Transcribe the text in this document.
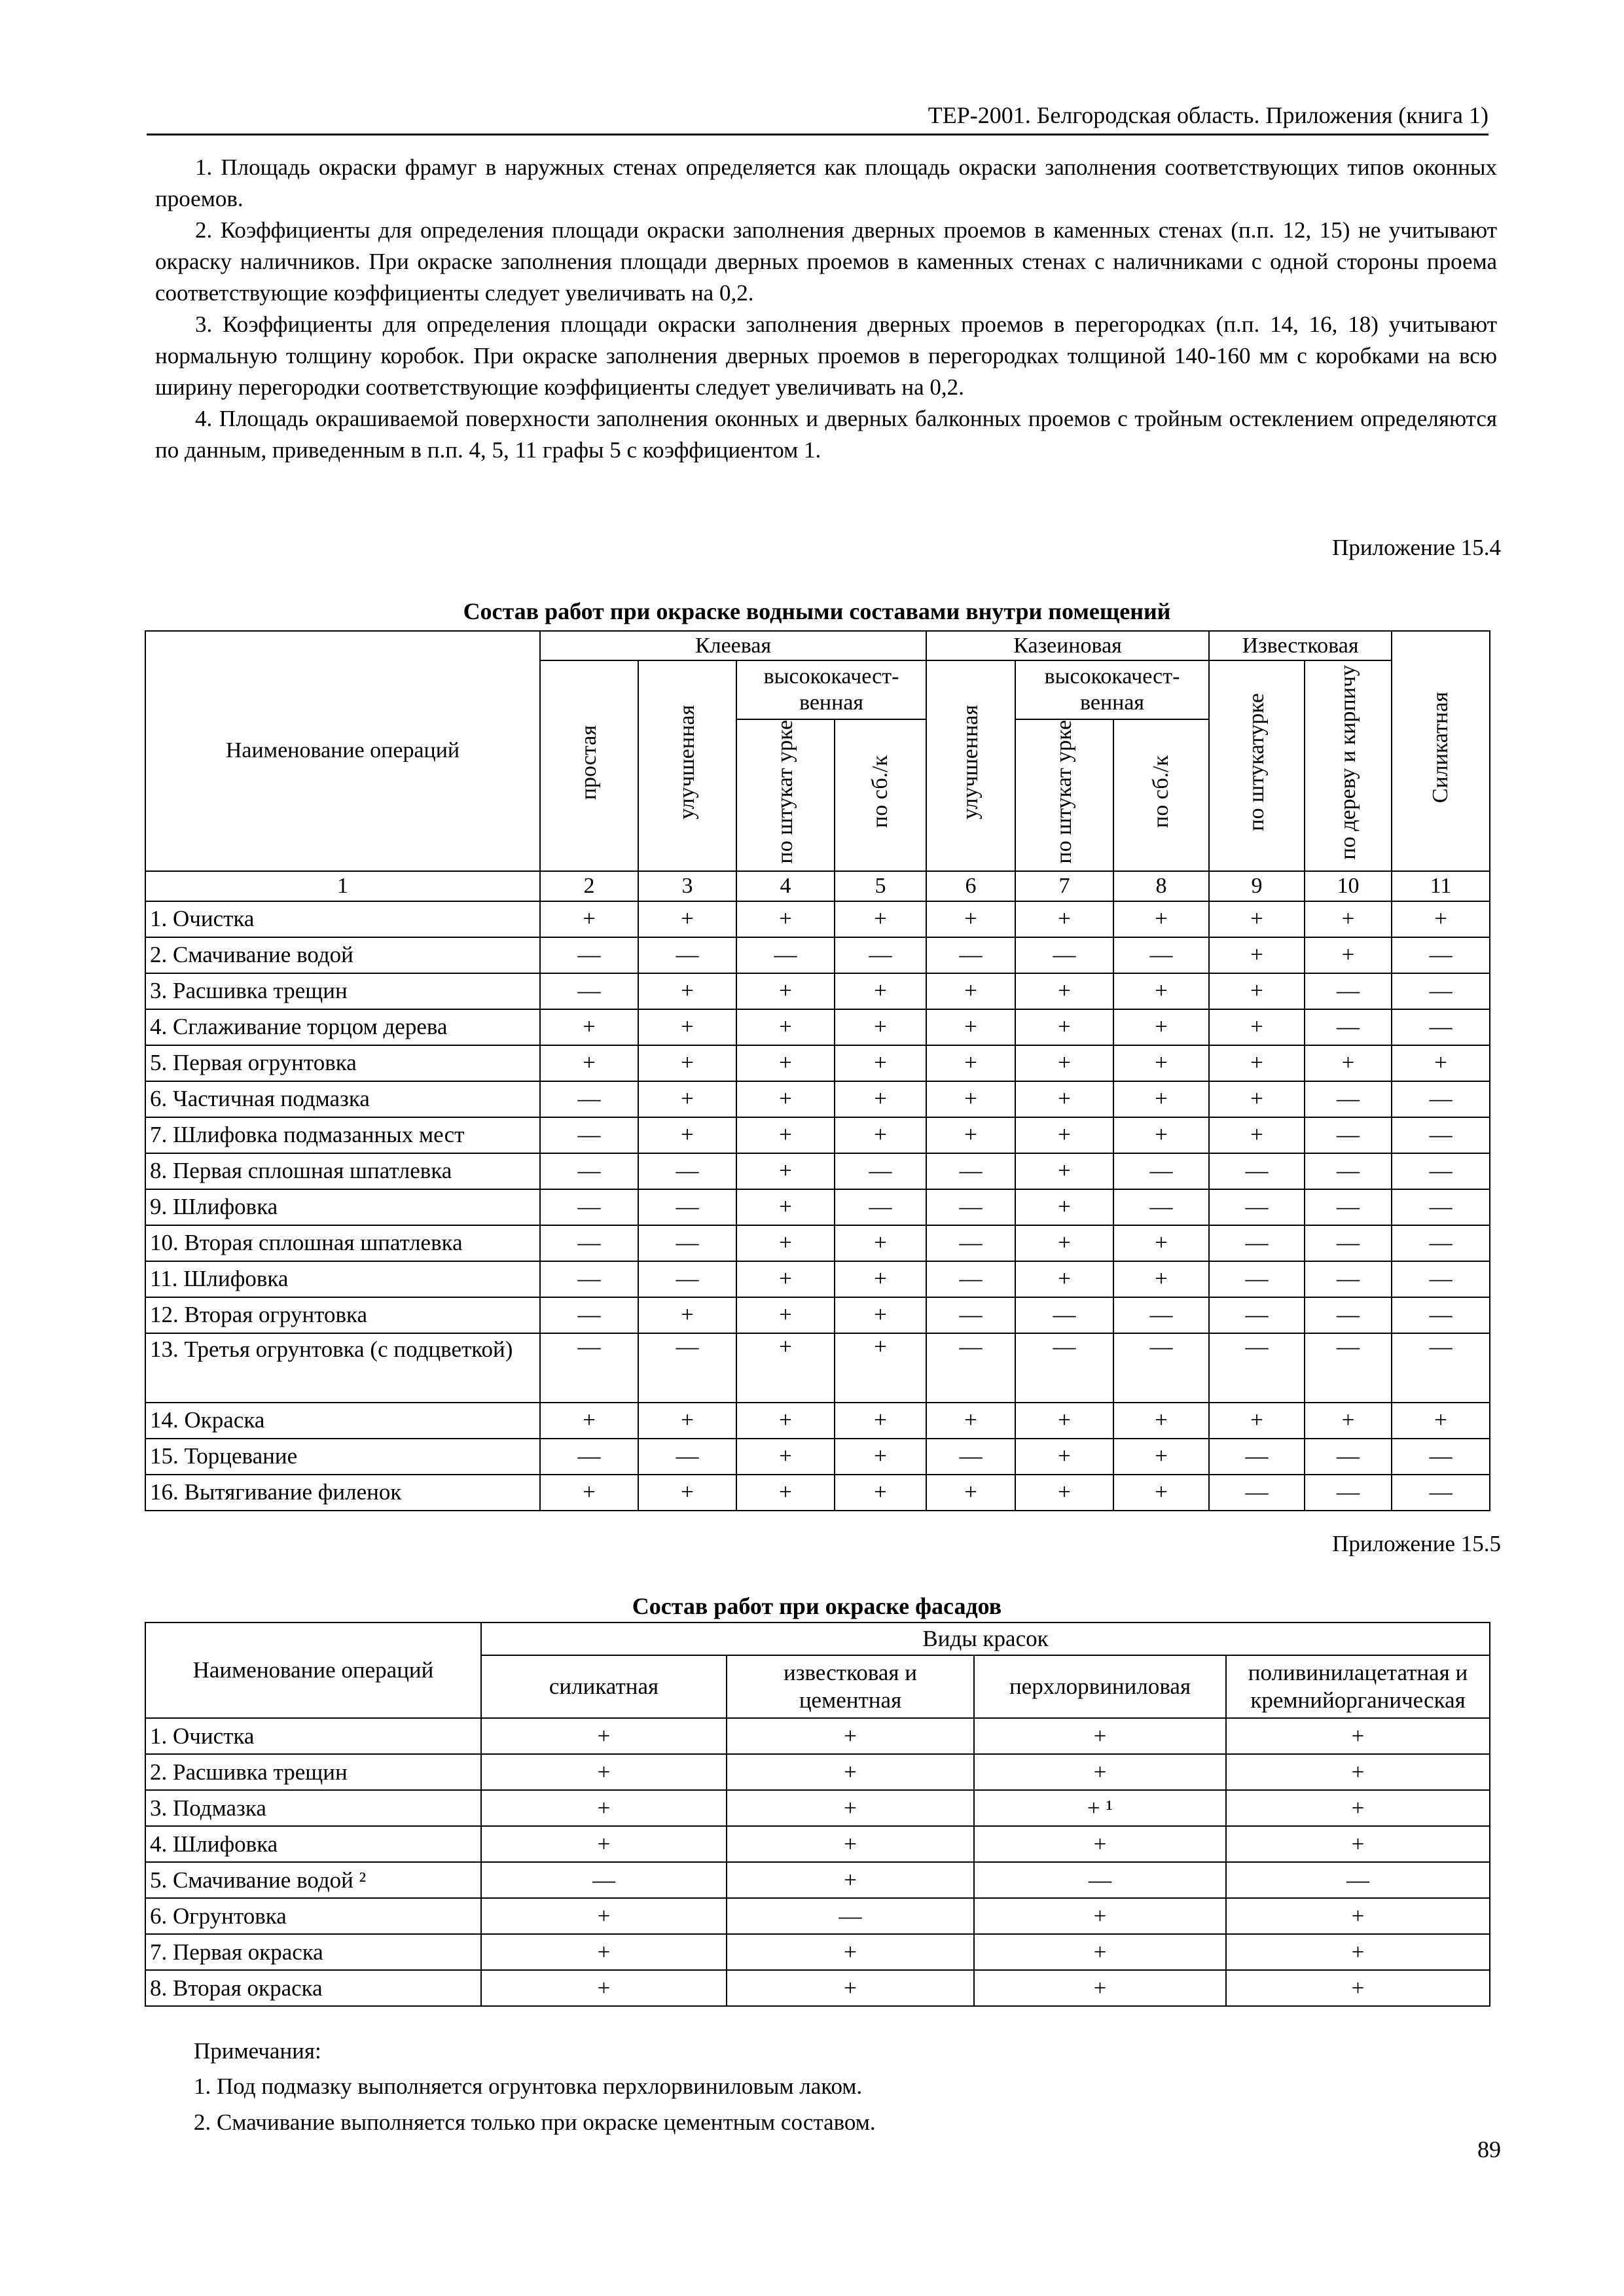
ТЕР-2001. Белгородская область. Приложения (книга 1)

1. Площадь окраски фрамуг в наружных стенах определяется как площадь окраски заполнения соответствующих типов оконных проемов.

2. Коэффициенты для определения площади окраски заполнения дверных проемов в каменных стенах (п.п. 12, 15) не учитывают окраску наличников. При окраске заполнения площади дверных проемов в каменных стенах с наличниками с одной стороны проема соответствующие коэффициенты следует увеличивать на 0,2.

3. Коэффициенты для определения площади окраски заполнения дверных проемов в перегородках (п.п. 14, 16, 18) учитывают нормальную толщину коробок. При окраске заполнения дверных проемов в перегородках толщиной 140-160 мм с коробками на всю ширину перегородки соответствующие коэффициенты следует увеличивать на 0,2.

4. Площадь окрашиваемой поверхности заполнения оконных и дверных балконных проемов с тройным остеклением определяются по данным, приведенным в п.п. 4, 5, 11 графы 5 с коэффициентом 1.

Приложение 15.4
Состав работ при окраске водными составами внутри помещений
Наименование операций	Клеевая				Казеиновая			Известковая		Силикатная
	простая	улучшенная	высококачест-венная		улучшенная	высококачест-венная		по штукатурке	по дереву и кирпичу	
			по штукат урке	по сб./к		по штукат урке	по сб./к			
1	2	3	4	5	6	7	8	9	10	11
1. Очистка	+	+	+	+	+	+	+	+	+	+
2. Смачивание водой	—	—	—	—	—	—	—	+	+	—
3. Расшивка трещин	—	+	+	+	+	+	+	+	—	—
4. Сглаживание торцом дерева	+	+	+	+	+	+	+	+	—	—
5. Первая огрунтовка	+	+	+	+	+	+	+	+	+	+
6. Частичная подмазка	—	+	+	+	+	+	+	+	—	—
7. Шлифовка подмазанных мест	—	+	+	+	+	+	+	+	—	—
8. Первая сплошная шпатлевка	—	—	+	—	—	+	—	—	—	—
9. Шлифовка	—	—	+	—	—	+	—	—	—	—
10. Вторая сплошная шпатлевка	—	—	+	+	—	+	+	—	—	—
11. Шлифовка	—	—	+	+	—	+	+	—	—	—
12. Вторая огрунтовка	—	+	+	+	—	—	—	—	—	—
13. Третья огрунтовка (с подцветкой)	—	—	+	+	—	—	—	—	—	—
14. Окраска	+	+	+	+	+	+	+	+	+	+
15. Торцевание	—	—	+	+	—	+	+	—	—	—
16. Вытягивание филенок	+	+	+	+	+	+	+	—	—	—
Приложение 15.5
Состав работ при окраске фасадов
Наименование операций	Виды красок			
	силикатная	известковая и цементная	перхлорвиниловая	поливинилацетатная и кремнийорганическая
1. Очистка	+	+	+	+
2. Расшивка трещин	+	+	+	+
3. Подмазка	+	+	+ ¹	+
4. Шлифовка	+	+	+	+
5. Смачивание водой ²	—	+	—	—
6. Огрунтовка	+	—	+	+
7. Первая окраска	+	+	+	+
8. Вторая окраска	+	+	+	+
Примечания:
1. Под подмазку выполняется огрунтовка перхлорвиниловым лаком.
2. Смачивание выполняется только при окраске цементным составом.
89
